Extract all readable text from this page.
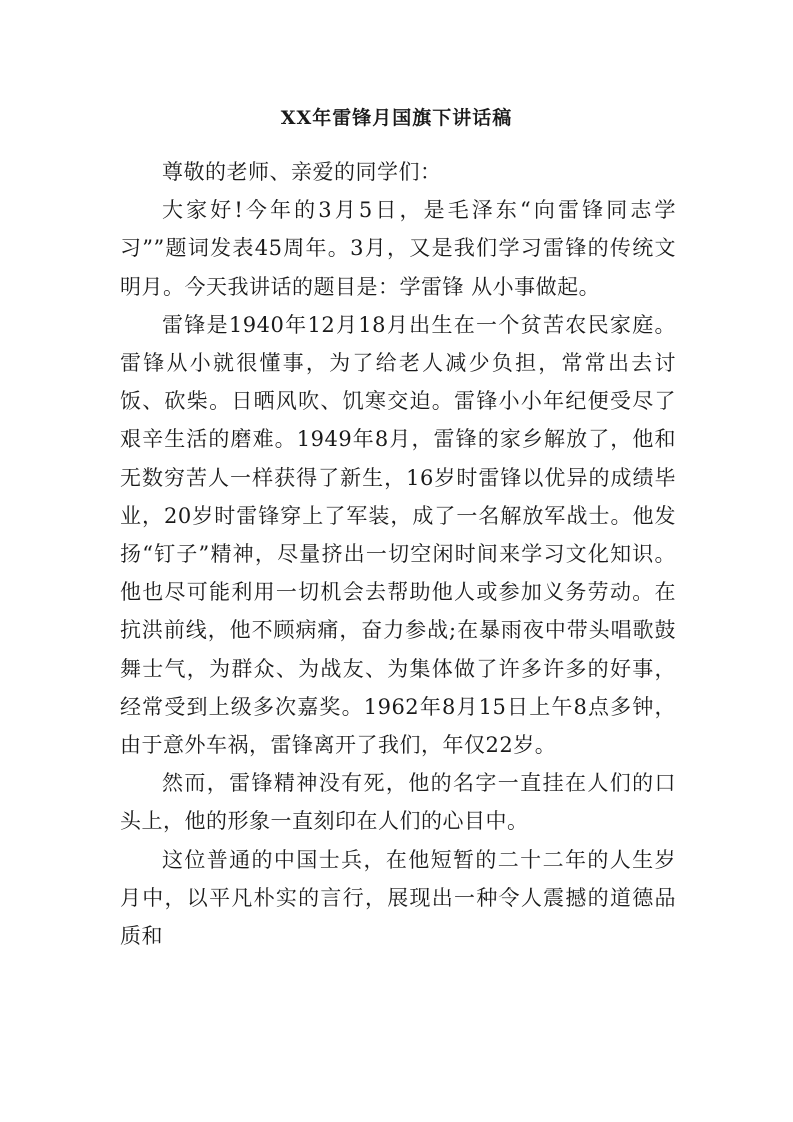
XX年雷锋月国旗下讲话稿

尊敬的老师、亲爱的同学们：

大家好!今年的3月5日，是毛泽东“向雷锋同志学习””题词发表45周年。3月，又是我们学习雷锋的传统文明月。今天我讲话的题目是：学雷锋 从小事做起。

雷锋是1940年12月18月出生在一个贫苦农民家庭。雷锋从小就很懂事，为了给老人减少负担，常常出去讨饭、砍柴。日晒风吹、饥寒交迫。雷锋小小年纪便受尽了艰辛生活的磨难。1949年8月，雷锋的家乡解放了，他和无数穷苦人一样获得了新生，16岁时雷锋以优异的成绩毕业，20岁时雷锋穿上了军装，成了一名解放军战士。他发扬“钉子”精神，尽量挤出一切空闲时间来学习文化知识。他也尽可能利用一切机会去帮助他人或参加义务劳动。在抗洪前线，他不顾病痛，奋力参战;在暴雨夜中带头唱歌鼓舞士气，为群众、为战友、为集体做了许多许多的好事，经常受到上级多次嘉奖。1962年8月15日上午8点多钟，由于意外车祸，雷锋离开了我们，年仅22岁。

然而，雷锋精神没有死，他的名字一直挂在人们的口头上，他的形象一直刻印在人们的心目中。

这位普通的中国士兵，在他短暂的二十二年的人生岁月中，以平凡朴实的言行，展现出一种令人震撼的道德品质和
